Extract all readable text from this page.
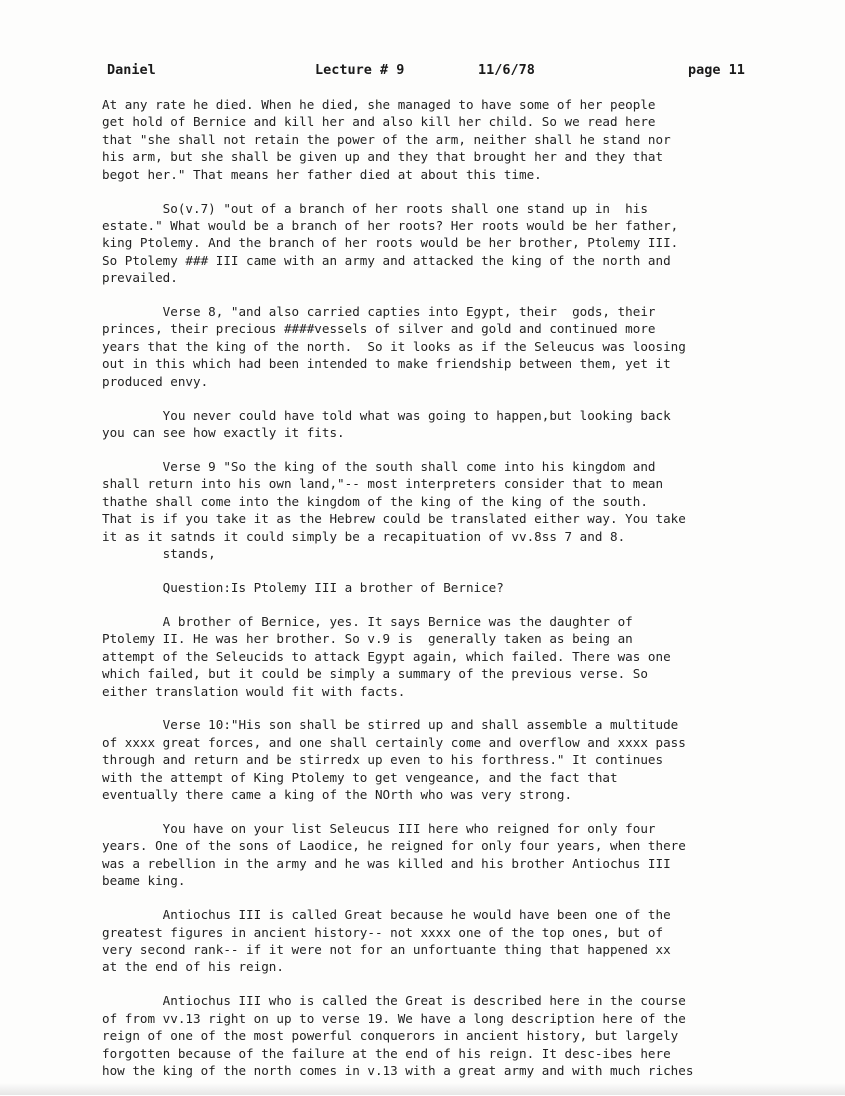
Daniel	Lecture # 9	11/6/78	page 11
At any rate he died. When he died, she managed to have some of her people
get hold of Bernice and kill her and also kill her child. So we read here
that "she shall not retain the power of the arm, neither shall he stand nor
his arm, but she shall be given up and they that brought her and they that
begot her." That means her father died at about this time.
So(v.7) "out of a branch of her roots shall one stand up in  his
estate." What would be a branch of her roots? Her roots would be her father,
king Ptolemy. And the branch of her roots would be her brother, Ptolemy III.
So Ptolemy ### III came with an army and attacked the king of the north and
prevailed.
Verse 8, "and also carried capties into Egypt, their  gods, their
princes, their precious ####vessels of silver and gold and continued more
years that the king of the north.  So it looks as if the Seleucus was loosing
out in this which had been intended to make friendship between them, yet it
produced envy.
You never could have told what was going to happen,but looking back
you can see how exactly it fits.
Verse 9 "So the king of the south shall come into his kingdom and
shall return into his own land,"-- most interpreters consider that to mean
thathe shall come into the kingdom of the king of the king of the south.
That is if you take it as the Hebrew could be translated either way. You take
it as it satnds it could simply be a recapituation of vv.8ss 7 and 8.
stands,
Question:Is Ptolemy III a brother of Bernice?
A brother of Bernice, yes. It says Bernice was the daughter of
Ptolemy II. He was her brother. So v.9 is  generally taken as being an
attempt of the Seleucids to attack Egypt again, which failed. There was one
which failed, but it could be simply a summary of the previous verse. So
either translation would fit with facts.
Verse 10:"His son shall be stirred up and shall assemble a multitude
of xxxx great forces, and one shall certainly come and overflow and xxxx pass
through and return and be stirredx up even to his forthress." It continues
with the attempt of King Ptolemy to get vengeance, and the fact that
eventually there came a king of the NOrth who was very strong.
You have on your list Seleucus III here who reigned for only four
years. One of the sons of Laodice, he reigned for only four years, when there
was a rebellion in the army and he was killed and his brother Antiochus III
beame king.
Antiochus III is called Great because he would have been one of the
greatest figures in ancient history-- not xxxx one of the top ones, but of
very second rank-- if it were not for an unfortuante thing that happened xx
at the end of his reign.
Antiochus III who is called the Great is described here in the course
of from vv.13 right on up to verse 19. We have a long description here of the
reign of one of the most powerful conquerors in ancient history, but largely
forgotten because of the failure at the end of his reign. It desc-ibes here
how the king of the north comes in v.13 with a great army and with much riches
